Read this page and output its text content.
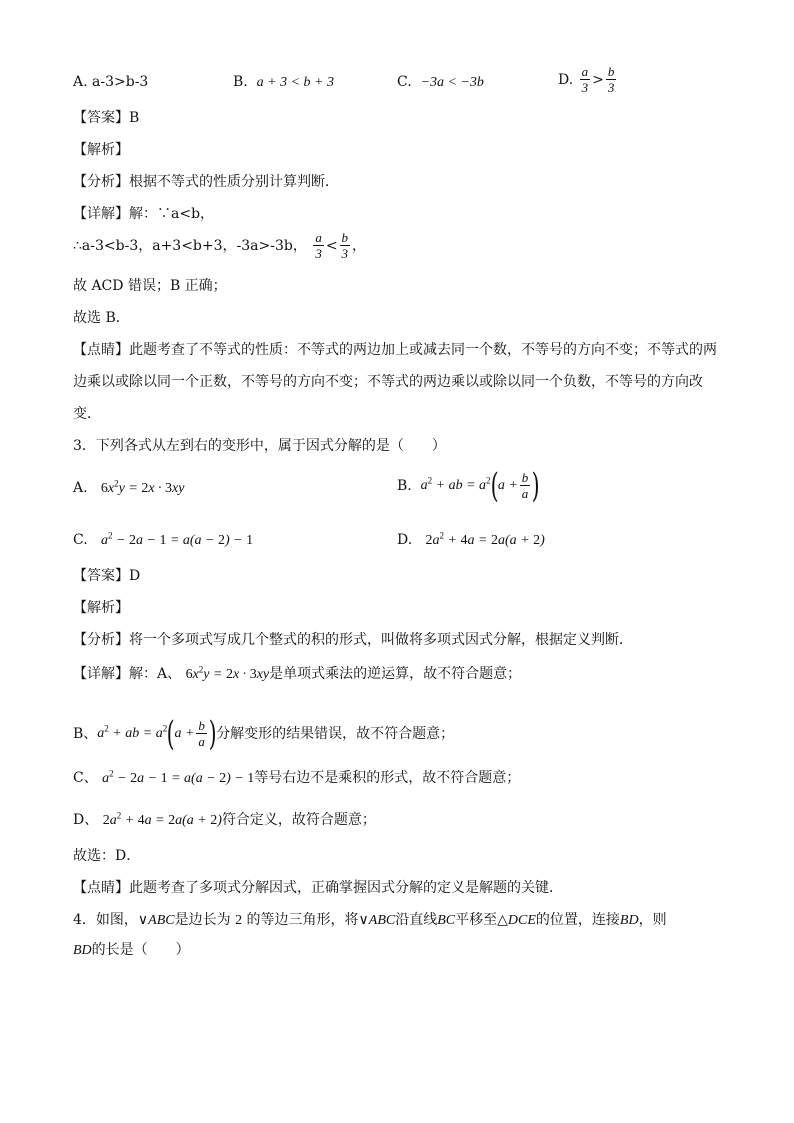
A. a-3>b-3	B. a + 3 < b + 3	C. −3a < −3b	D.
$\frac{a}{3} > \frac{b}{3}$
【答案】B
【解析】
【分析】根据不等式的性质分别计算判断．
【详解】解：∵a<b，
∴a-3<b-3，a+3<b+3，-3a>-3b，
$\frac{a}{3} < \frac{b}{3}$ ，
故 ACD 错误；B 正确；
故选 B．
【点睛】此题考查了不等式的性质：不等式的两边加上或减去同一个数，不等号的方向不变；不等式的两
边乘以或除以同一个正数，不等号的方向不变；不等式的两边乘以或除以同一个负数，不等号的方向改
变．
3．下列各式从左到右的变形中，属于因式分解的是（　　）
A. $6x^2y = 2x \cdot 3xy$	B.
$a^2$ + ab = $a^2$ ( $a + \frac{b}{a}$ )
C. $a^2 - 2a - 1 = a(a - 2) - 1$	D. $2a^2 + 4a = 2a(a + 2)$
【答案】D
【解析】
【分析】将一个多项式写成几个整式的积的形式，叫做将多项式因式分解，根据定义判断．
【详解】解：A、 $6x^2y = 2x \cdot 3xy$是单项式乘法的逆运算，故不符合题意；
B、 $a^2$ + ab = $a^2$ ( $a + \frac{b}{a}$ ) 分解变形的结果错误，故不符合题意；
C、 $a^2 - 2a - 1 = a(a - 2) - 1$等号右边不是乘积的形式，故不符合题意；
D、 $2a^2 + 4a = 2a(a + 2)$符合定义，故符合题意；
故选：D．
【点睛】此题考查了多项式分解因式，正确掌握因式分解的定义是解题的关键．
4．如图，∨ABC是边长为 2 的等边三角形，将∨ABC沿直线BC平移至△DCE的位置，连接BD，则
BD的长是（　　）
